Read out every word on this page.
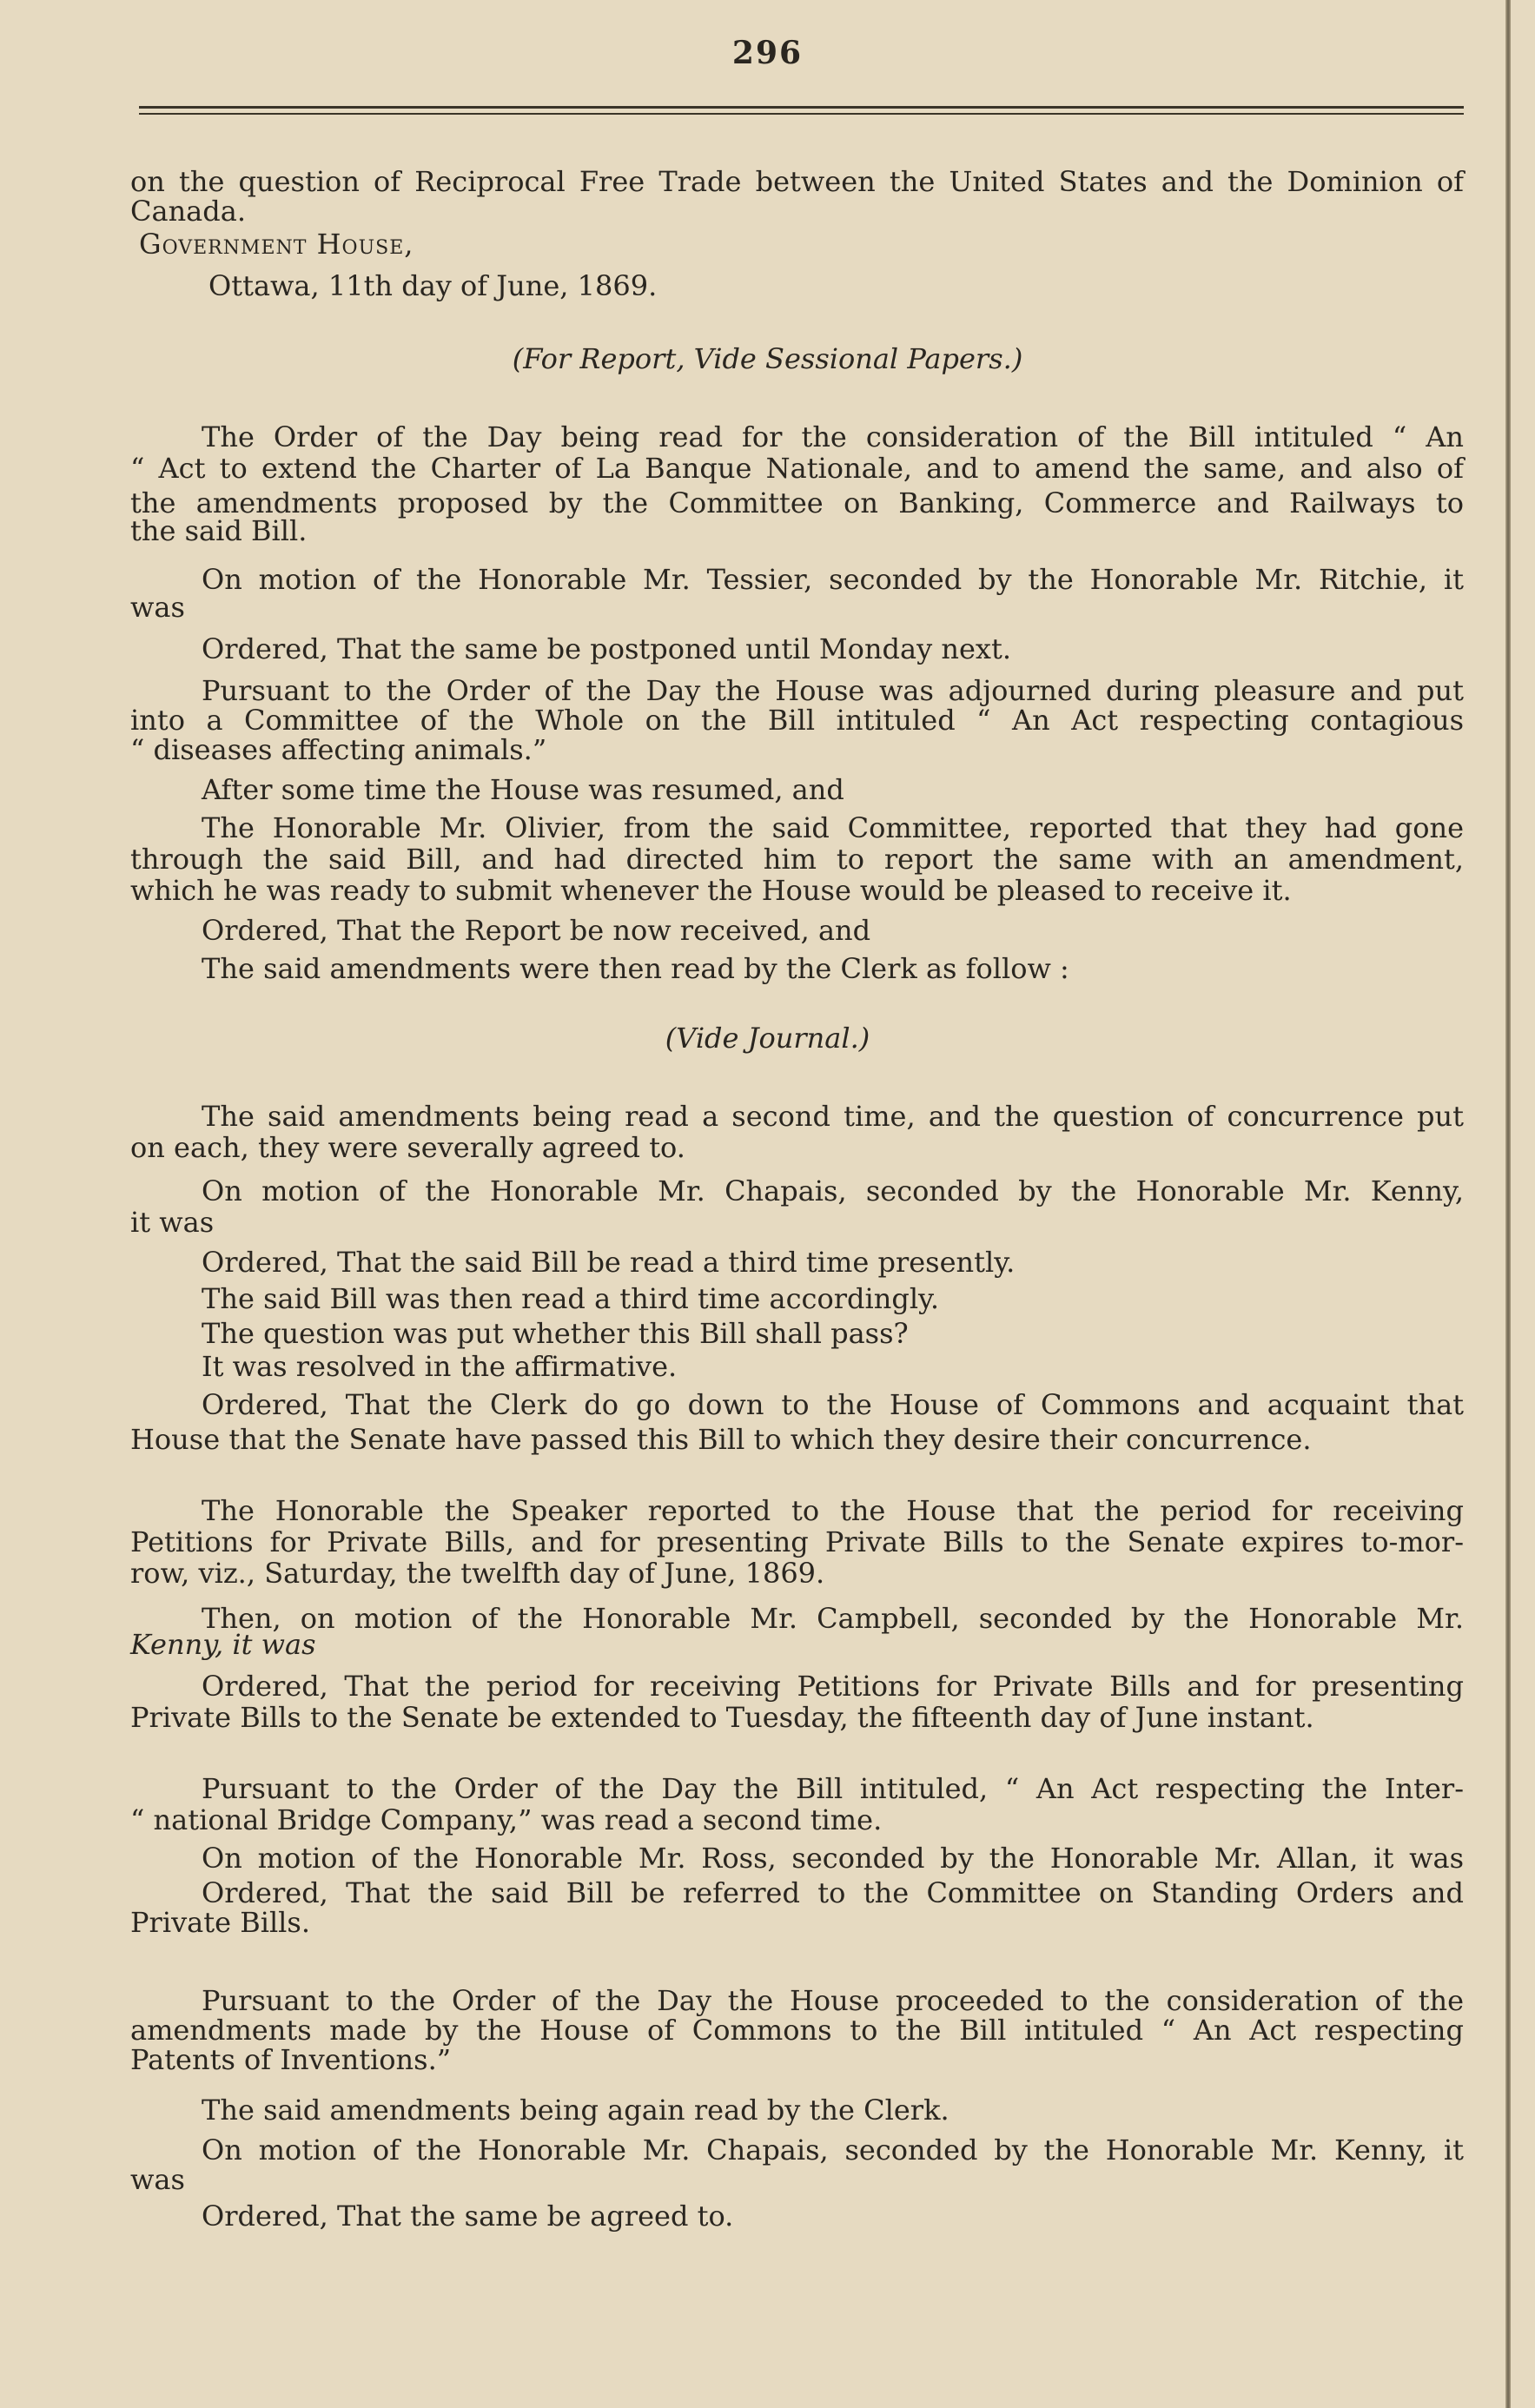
296
on the question of Reciprocal Free Trade between the United States and the Dominion of
Canada.
Government House,
Ottawa, 11th day of June, 1869.
(For Report, Vide Sessional Papers.)
The Order of the Day being read for the consideration of the Bill intituled “ An
“ Act to extend the Charter of La Banque Nationale, and to amend the same, and also of
the amendments proposed by the Committee on Banking, Commerce and Railways to
the said Bill.
On motion of the Honorable Mr. Tessier, seconded by the Honorable Mr. Ritchie, it
was
Ordered, That the same be postponed until Monday next.
Pursuant to the Order of the Day the House was adjourned during pleasure and put
into a Committee of the Whole on the Bill intituled “ An Act respecting contagious
“ diseases affecting animals.”
After some time the House was resumed, and
The Honorable Mr. Olivier, from the said Committee, reported that they had gone
through the said Bill, and had directed him to report the same with an amendment,
which he was ready to submit whenever the House would be pleased to receive it.
Ordered, That the Report be now received, and
The said amendments were then read by the Clerk as follow :
(Vide Journal.)
The said amendments being read a second time, and the question of concurrence put
on each, they were severally agreed to.
On motion of the Honorable Mr. Chapais, seconded by the Honorable Mr. Kenny,
it was
Ordered, That the said Bill be read a third time presently.
The said Bill was then read a third time accordingly.
The question was put whether this Bill shall pass?
It was resolved in the affirmative.
Ordered, That the Clerk do go down to the House of Commons and acquaint that
House that the Senate have passed this Bill to which they desire their concurrence.
The Honorable the Speaker reported to the House that the period for receiving
Petitions for Private Bills, and for presenting Private Bills to the Senate expires to-mor-
row, viz., Saturday, the twelfth day of June, 1869.
Then, on motion of the Honorable Mr. Campbell, seconded by the Honorable Mr.
Kenny, it was
Ordered, That the period for receiving Petitions for Private Bills and for presenting
Private Bills to the Senate be extended to Tuesday, the fifteenth day of June instant.
Pursuant to the Order of the Day the Bill intituled, “ An Act respecting the Inter-
“ national Bridge Company,” was read a second time.
On motion of the Honorable Mr. Ross, seconded by the Honorable Mr. Allan, it was
Ordered, That the said Bill be referred to the Committee on Standing Orders and
Private Bills.
Pursuant to the Order of the Day the House proceeded to the consideration of the
amendments made by the House of Commons to the Bill intituled “ An Act respecting
Patents of Inventions.”
The said amendments being again read by the Clerk.
On motion of the Honorable Mr. Chapais, seconded by the Honorable Mr. Kenny, it
was
Ordered, That the same be agreed to.
